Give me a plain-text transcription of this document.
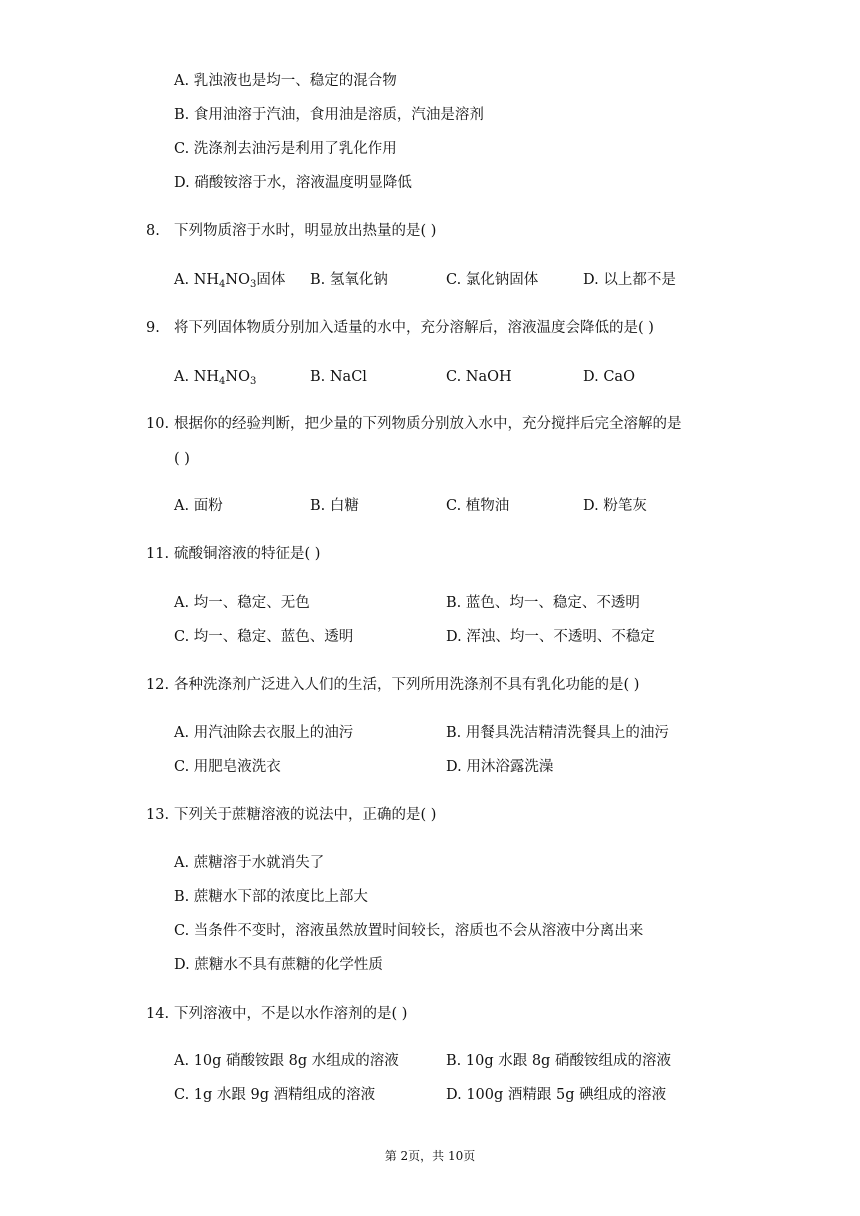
A. 乳浊液也是均一、稳定的混合物
B. 食用油溶于汽油，食用油是溶质，汽油是溶剂
C. 洗涤剂去油污是利用了乳化作用
D. 硝酸铵溶于水，溶液温度明显降低
8. 下列物质溶于水时，明显放出热量的是( )
A. $NH_4NO_3$固体 B. 氢氧化钠	C. 氯化钠固体	D. 以上都不是
9. 将下列固体物质分别加入适量的水中，充分溶解后，溶液温度会降低的是( )
A. $NH_4NO_3$	B. NaCl	C. NaOH	D. CaO
10. 根据你的经验判断，把少量的下列物质分别放入水中，充分搅拌后完全溶解的是
( )
A. 面粉	B. 白糖	C. 植物油	D. 粉笔灰
11. 硫酸铜溶液的特征是( )
A. 均一、稳定、无色	B. 蓝色、均一、稳定、不透明
C. 均一、稳定、蓝色、透明	D. 浑浊、均一、不透明、不稳定
12. 各种洗涤剂广泛进入人们的生活，下列所用洗涤剂不具有乳化功能的是( )
A. 用汽油除去衣服上的油污	B. 用餐具洗洁精清洗餐具上的油污
C. 用肥皂液洗衣	D. 用沐浴露洗澡
13. 下列关于蔗糖溶液的说法中，正确的是( )
A. 蔗糖溶于水就消失了
B. 蔗糖水下部的浓度比上部大
C. 当条件不变时，溶液虽然放置时间较长，溶质也不会从溶液中分离出来
D. 蔗糖水不具有蔗糖的化学性质
14. 下列溶液中，不是以水作溶剂的是( )
A. 10g 硝酸铵跟 8g 水组成的溶液	B. 10g 水跟 8g 硝酸铵组成的溶液
C. 1g 水跟 9g 酒精组成的溶液	D. 100g 酒精跟 5g 碘组成的溶液
第 2页，共 10页
